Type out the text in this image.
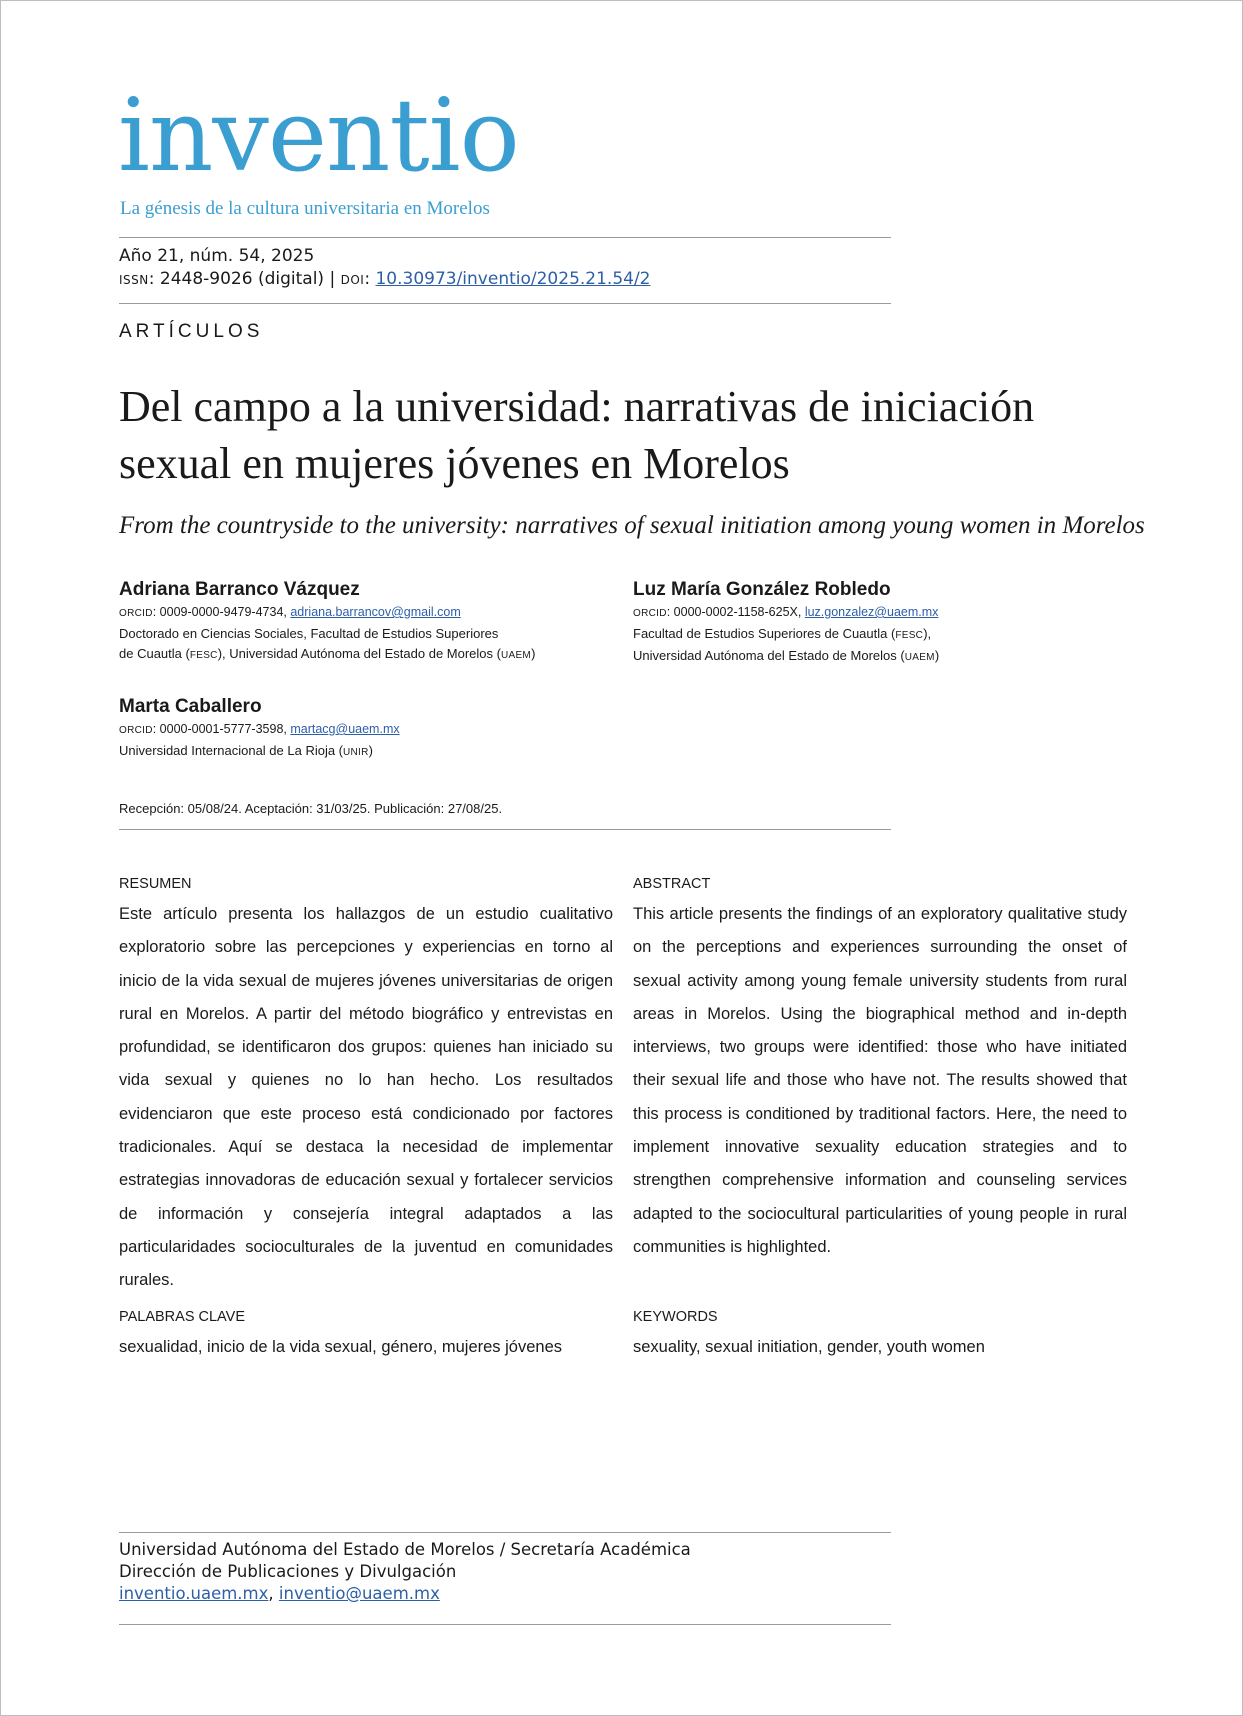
inventio
La génesis de la cultura universitaria en Morelos
Año 21, núm. 54, 2025
ISSN: 2448-9026 (digital) | DOI: 10.30973/inventio/2025.21.54/2
ARTÍCULOS
Del campo a la universidad: narrativas de iniciación
sexual en mujeres jóvenes en Morelos
From the countryside to the university: narratives of sexual initiation among young women in Morelos
Adriana Barranco Vázquez
ORCID: 0009-0000-9479-4734, adriana.barrancov@gmail.com
Doctorado en Ciencias Sociales, Facultad de Estudios Superiores
de Cuautla (FESC), Universidad Autónoma del Estado de Morelos (UAEM)
Luz María González Robledo
ORCID: 0000-0002-1158-625X, luz.gonzalez@uaem.mx
Facultad de Estudios Superiores de Cuautla (FESC),
Universidad Autónoma del Estado de Morelos (UAEM)
Marta Caballero
ORCID: 0000-0001-5777-3598, martacg@uaem.mx
Universidad Internacional de La Rioja (UNIR)
Recepción: 05/08/24. Aceptación: 31/03/25. Publicación: 27/08/25.
RESUMEN
Este artículo presenta los hallazgos de un estudio cualitativo exploratorio sobre las percepciones y experiencias en torno al inicio de la vida sexual de mujeres jóvenes universitarias de origen rural en Morelos. A partir del método biográfico y entrevistas en profundidad, se identificaron dos grupos: quienes han iniciado su vida sexual y quienes no lo han hecho. Los resultados evidenciaron que este proceso está condicionado por factores tradicionales. Aquí se destaca la necesidad de implementar estrategias innovadoras de educación sexual y fortalecer servicios de información y consejería integral adaptados a las particularidades socioculturales de la juventud en comunidades rurales.
ABSTRACT
This article presents the findings of an exploratory qualitative study on the perceptions and experiences surrounding the onset of sexual activity among young female university students from rural areas in Morelos. Using the biographical method and in-depth interviews, two groups were identified: those who have initiated their sexual life and those who have not. The results showed that this process is conditioned by traditional factors. Here, the need to implement innovative sexuality education strategies and to strengthen comprehensive information and counseling services adapted to the sociocultural particularities of young people in rural communities is highlighted.
PALABRAS CLAVE
sexualidad, inicio de la vida sexual, género, mujeres jóvenes
KEYWORDS
sexuality, sexual initiation, gender, youth women
Universidad Autónoma del Estado de Morelos / Secretaría Académica
Dirección de Publicaciones y Divulgación
inventio.uaem.mx, inventio@uaem.mx
